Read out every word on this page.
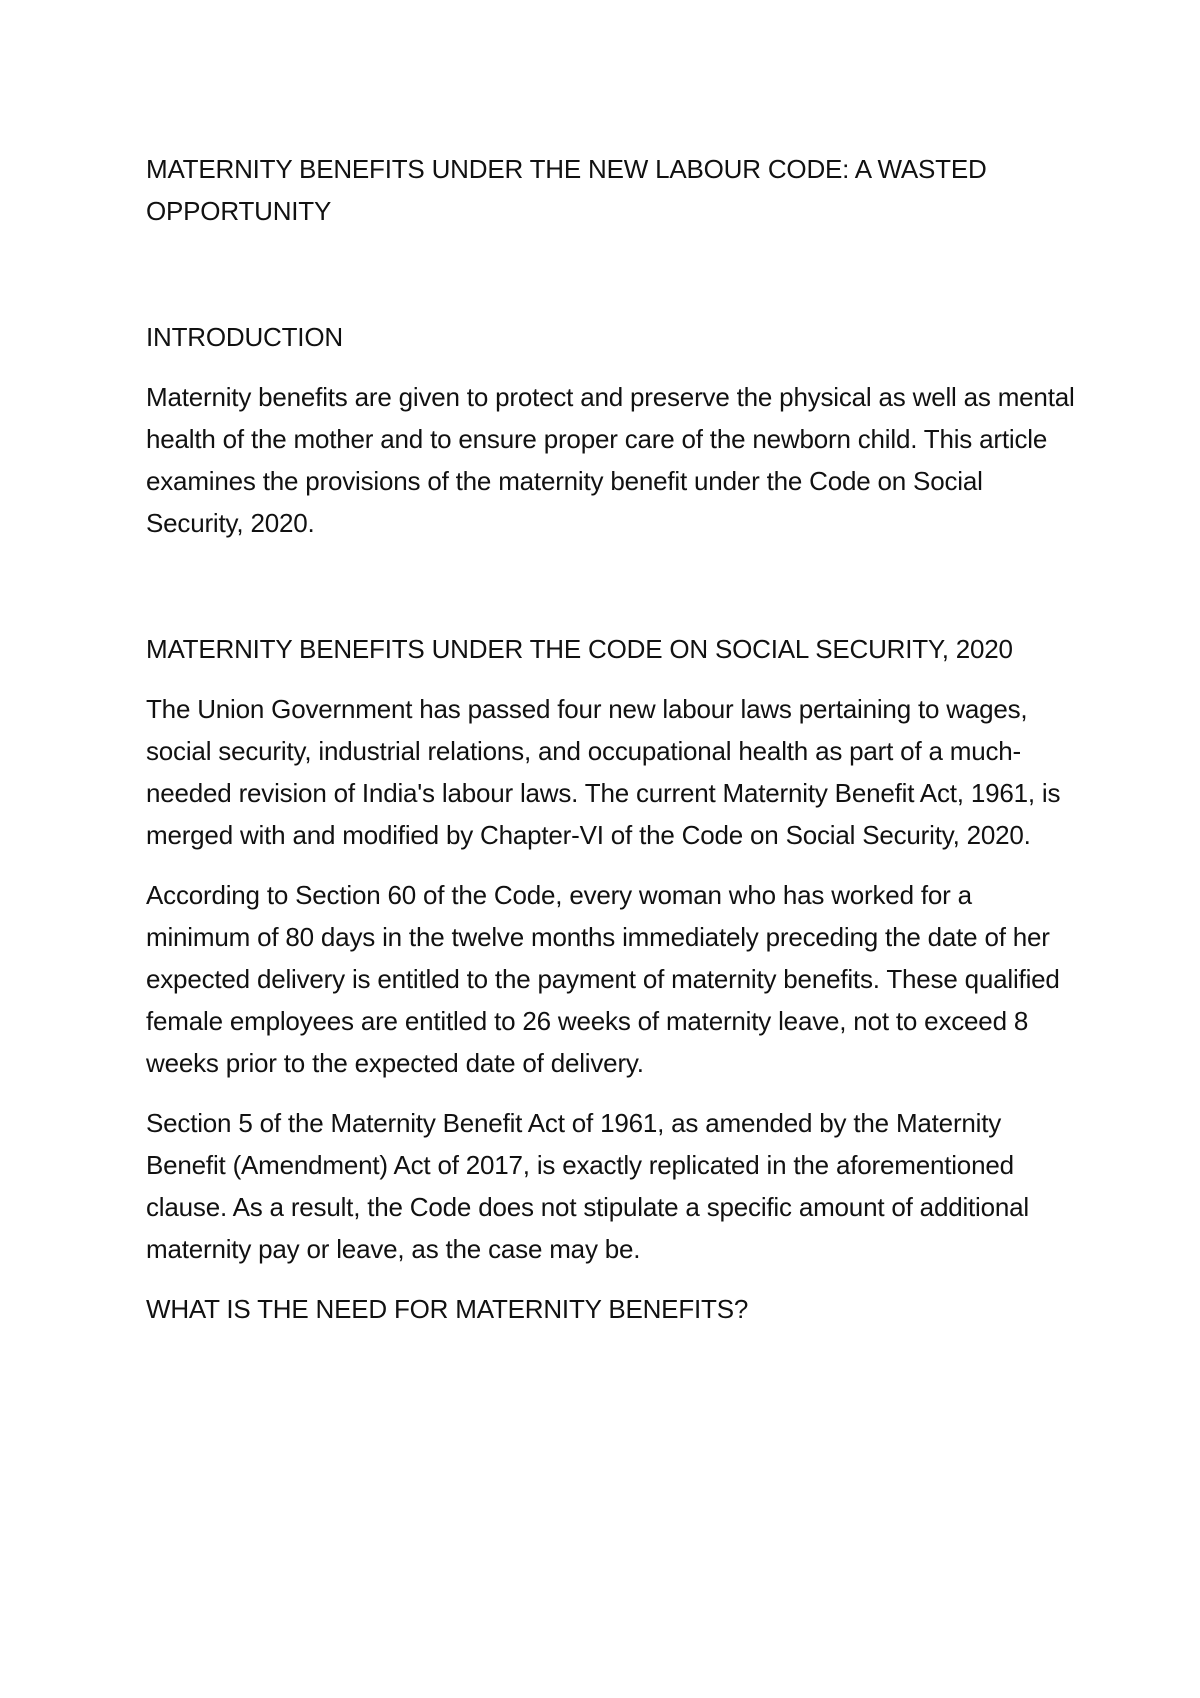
MATERNITY BENEFITS UNDER THE NEW LABOUR CODE: A WASTED OPPORTUNITY

INTRODUCTION

Maternity benefits are given to protect and preserve the physical as well as mental health of the mother and to ensure proper care of the newborn child. This article examines the provisions of the maternity benefit under the Code on Social Security, 2020.

MATERNITY BENEFITS UNDER THE CODE ON SOCIAL SECURITY, 2020

The Union Government has passed four new labour laws pertaining to wages, social security, industrial relations, and occupational health as part of a much-needed revision of India's labour laws. The current Maternity Benefit Act, 1961, is merged with and modified by Chapter-VI of the Code on Social Security, 2020.

According to Section 60 of the Code, every woman who has worked for a minimum of 80 days in the twelve months immediately preceding the date of her expected delivery is entitled to the payment of maternity benefits. These qualified female employees are entitled to 26 weeks of maternity leave, not to exceed 8 weeks prior to the expected date of delivery.

Section 5 of the Maternity Benefit Act of 1961, as amended by the Maternity Benefit (Amendment) Act of 2017, is exactly replicated in the aforementioned clause. As a result, the Code does not stipulate a specific amount of additional maternity pay or leave, as the case may be.

WHAT IS THE NEED FOR MATERNITY BENEFITS?
